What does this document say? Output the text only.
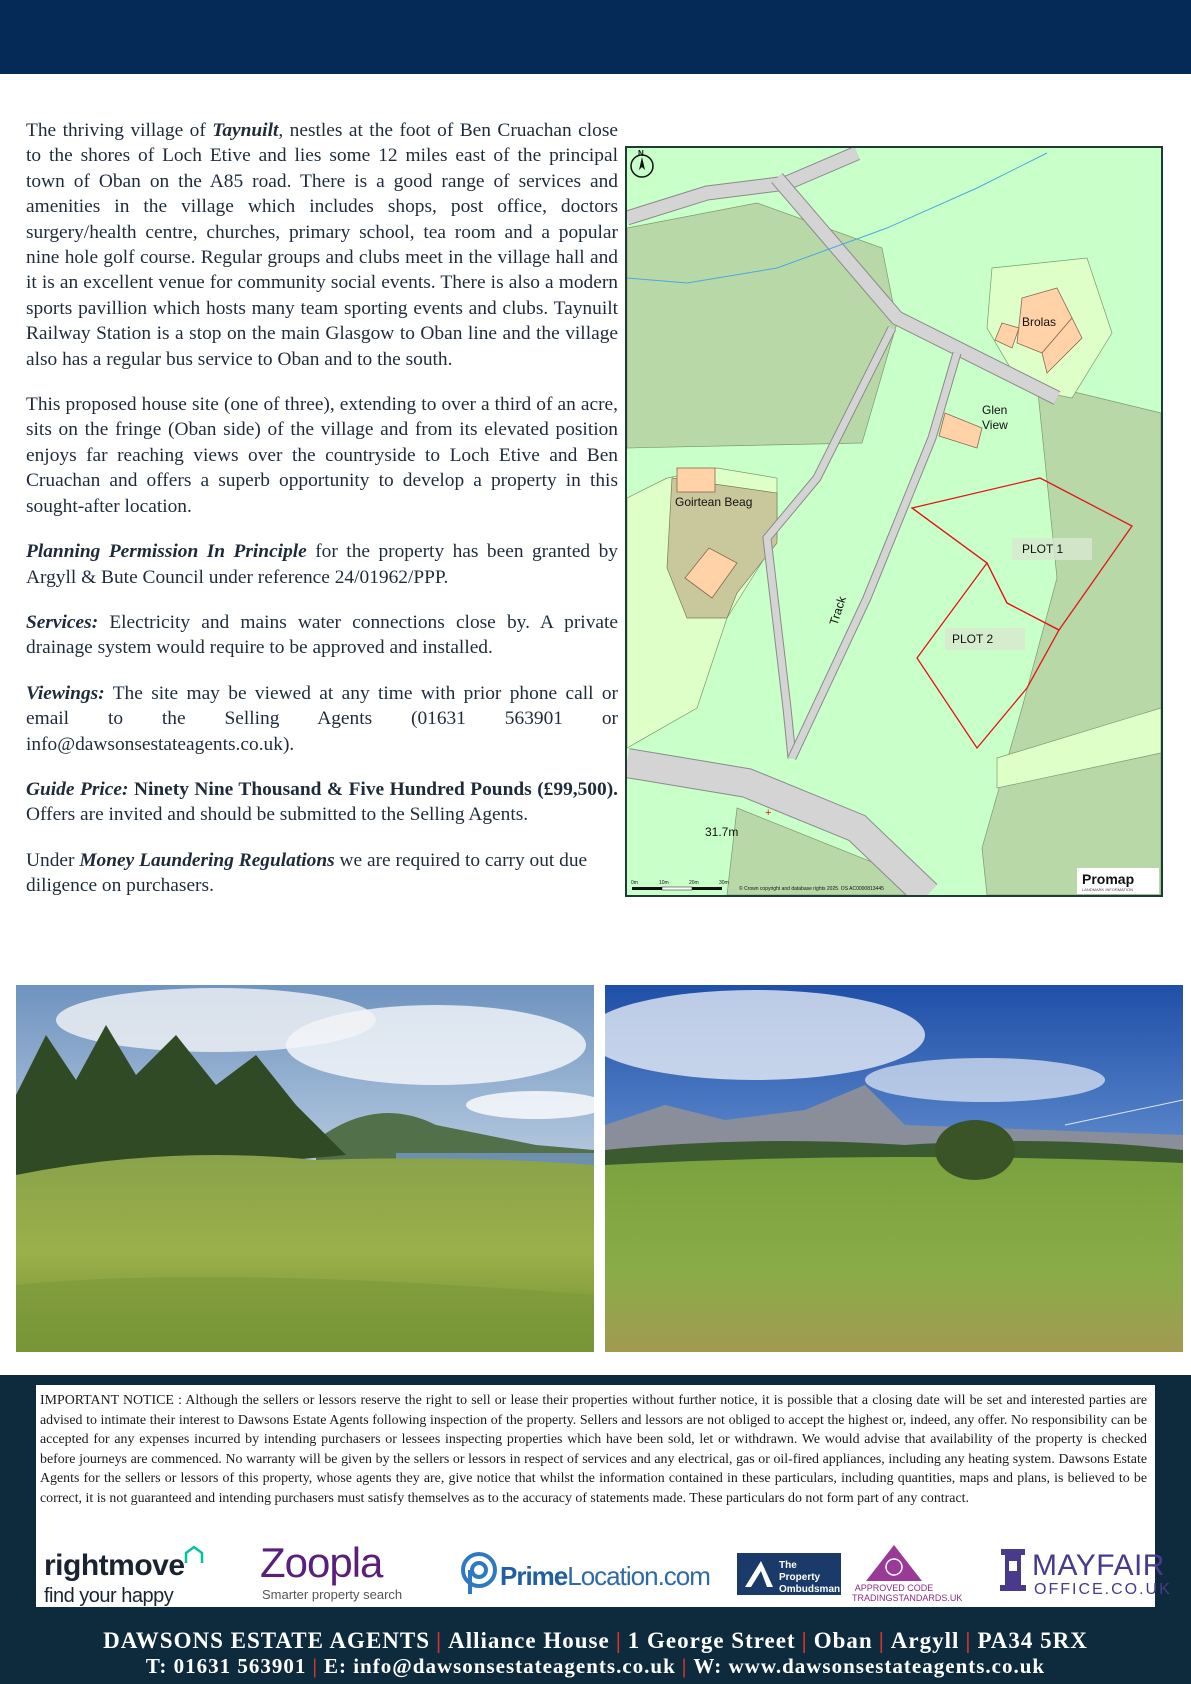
The thriving village of Taynuilt, nestles at the foot of Ben Cruachan close to the shores of Loch Etive and lies some 12 miles east of the principal town of Oban on the A85 road. There is a good range of services and amenities in the village which includes shops, post office, doctors surgery/health centre, churches, primary school, tea room and a popular nine hole golf course. Regular groups and clubs meet in the village hall and it is an excellent venue for community social events. There is also a modern sports pavillion which hosts many team sporting events and clubs. Taynuilt Railway Station is a stop on the main Glasgow to Oban line and the village also has a regular bus service to Oban and to the south.

This proposed house site (one of three), extending to over a third of an acre, sits on the fringe (Oban side) of the village and from its elevated position enjoys far reaching views over the countryside to Loch Etive and Ben Cruachan and offers a superb opportunity to develop a property in this sought-after location.

Planning Permission In Principle for the property has been granted by Argyll & Bute Council under reference 24/01962/PPP.

Services: Electricity and mains water connections close by. A private drainage system would require to be approved and installed.

Viewings: The site may be viewed at any time with prior phone call or email to the Selling Agents (01631 563901 or info@dawsonsestateagents.co.uk).

Guide Price: Ninety Nine Thousand & Five Hundred Pounds (£99,500). Offers are invited and should be submitted to the Selling Agents.

Under Money Laundering Regulations we are required to carry out due diligence on purchasers.

Brolas
Glen
View
Goirtean Beag
PLOT 1
PLOT 2
Track
31.7m
+
N
0m	10m	20m	30m
© Crown copyright and database rights 2025. OS AC0000813445
Promap
LANDMARK INFORMATION

IMPORTANT NOTICE : Although the sellers or lessors reserve the right to sell or lease their properties without further notice, it is possible that a closing date will be set and interested parties are advised to intimate their interest to Dawsons Estate Agents following inspection of the property. Sellers and lessors are not obliged to accept the highest or, indeed, any offer. No responsibility can be accepted for any expenses incurred by intending purchasers or lessees inspecting properties which have been sold, let or withdrawn. We would advise that availability of the property is checked before journeys are commenced. No warranty will be given by the sellers or lessors in respect of services and any electrical, gas or oil-fired appliances, including any heating system. Dawsons Estate Agents for the sellers or lessors of this property, whose agents they are, give notice that whilst the information contained in these particulars, including quantities, maps and plans, is believed to be correct, it is not guaranteed and intending purchasers must satisfy themselves as to the accuracy of statements made. These particulars do not form part of any contract.

rightmove
find your happy
Zoopla
Smarter property search
PrimeLocation.com	The Property
Ombudsman	APPROVED CODE
TRADINGSTANDARDS.UK
MAYFAIR
OFFICE.CO.UK
DAWSONS ESTATE AGENTS | Alliance House | 1 George Street | Oban | Argyll | PA34 5RX
T: 01631 563901 | E: info@dawsonsestateagents.co.uk | W: www.dawsonsestateagents.co.uk
